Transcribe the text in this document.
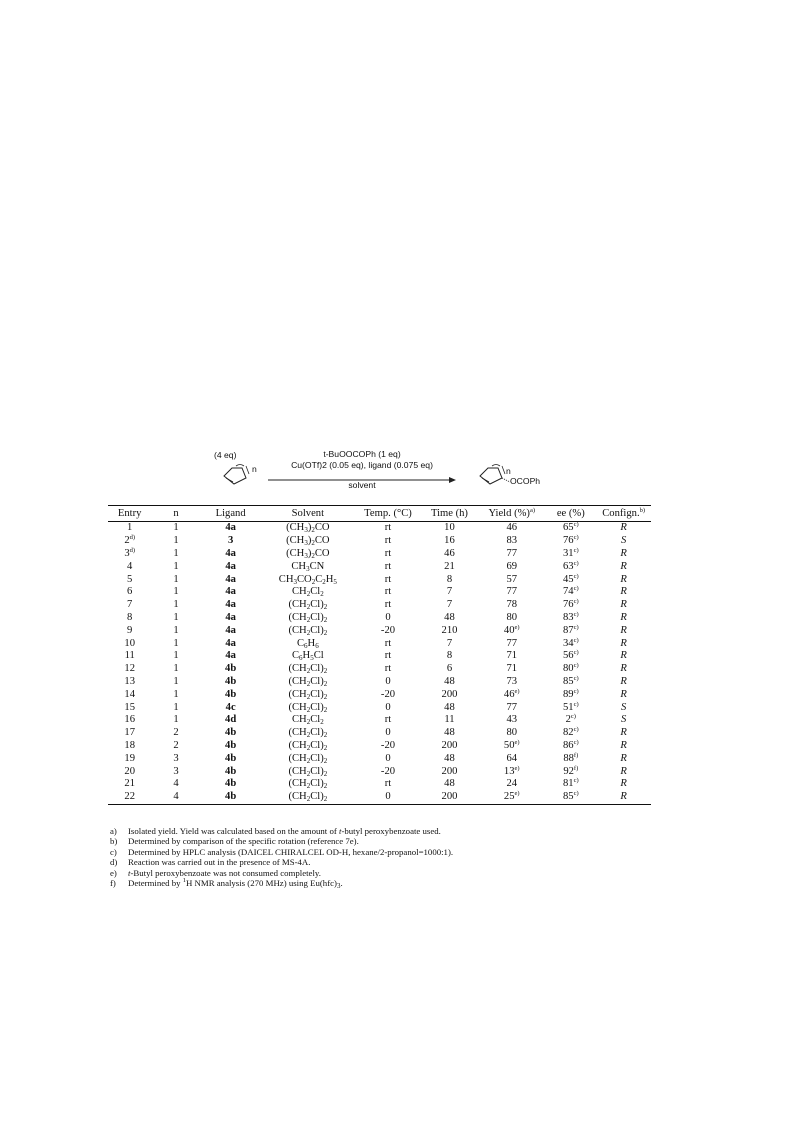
(4 eq)
n
t-BuOOCOPh (1 eq)
Cu(OTf)2 (0.05 eq), ligand (0.075 eq)
solvent
n
OCOPh
Entry	n	Ligand	Solvent	Temp. (°C)	Time (h)	Yield (%)$^{a)}$	ee (%)	Confign.$^{b)}$
1	1	4a	$(CH_3)_2CO$	rt	10	46	65$^{c)}$	R
2$^{d)}$	1	3	$(CH_3)_2CO$	rt	16	83	76$^{c)}$	S
3$^{d)}$	1	4a	$(CH_3)_2CO$	rt	46	77	31$^{c)}$	R
4	1	4a	$CH_3CN$	rt	21	69	63$^{c)}$	R
5	1	4a	$CH_3CO_2C_2H_5$	rt	8	57	45$^{c)}$	R
6	1	4a	$CH_2Cl_2$	rt	7	77	74$^{c)}$	R
7	1	4a	$(CH_2Cl)_2$	rt	7	78	76$^{c)}$	R
8	1	4a	$(CH_2Cl)_2$	0	48	80	83$^{c)}$	R
9	1	4a	$(CH_2Cl)_2$	-20	210	40$^{e)}$	87$^{c)}$	R
10	1	4a	$C_6H_6$	rt	7	77	34$^{c)}$	R
11	1	4a	$C_6H_5Cl$	rt	8	71	56$^{c)}$	R
12	1	4b	$(CH_2Cl)_2$	rt	6	71	80$^{c)}$	R
13	1	4b	$(CH_2Cl)_2$	0	48	73	85$^{c)}$	R
14	1	4b	$(CH_2Cl)_2$	-20	200	46$^{e)}$	89$^{c)}$	R
15	1	4c	$(CH_2Cl)_2$	0	48	77	51$^{c)}$	S
16	1	4d	$CH_2Cl_2$	rt	11	43	2$^{c)}$	S
17	2	4b	$(CH_2Cl)_2$	0	48	80	82$^{c)}$	R
18	2	4b	$(CH_2Cl)_2$	-20	200	50$^{e)}$	86$^{c)}$	R
19	3	4b	$(CH_2Cl)_2$	0	48	64	88$^{f)}$	R
20	3	4b	$(CH_2Cl)_2$	-20	200	13$^{e)}$	92$^{f)}$	R
21	4	4b	$(CH_2Cl)_2$	rt	48	24	81$^{c)}$	R
22	4	4b	$(CH_2Cl)_2$	0	200	25$^{e)}$	85$^{c)}$	R
a)	Isolated yield. Yield was calculated based on the amount of t-butyl peroxybenzoate used.
b)	Determined by comparison of the specific rotation (reference 7e).
c)	Determined by HPLC analysis (DAICEL CHIRALCEL OD-H, hexane/2-propanol=1000:1).
d)	Reaction was carried out in the presence of MS-4A.
e)	t-Butyl peroxybenzoate was not consumed completely.
f)	Determined by $^1$H NMR analysis (270 MHz) using $Eu(hfc)_3$.
